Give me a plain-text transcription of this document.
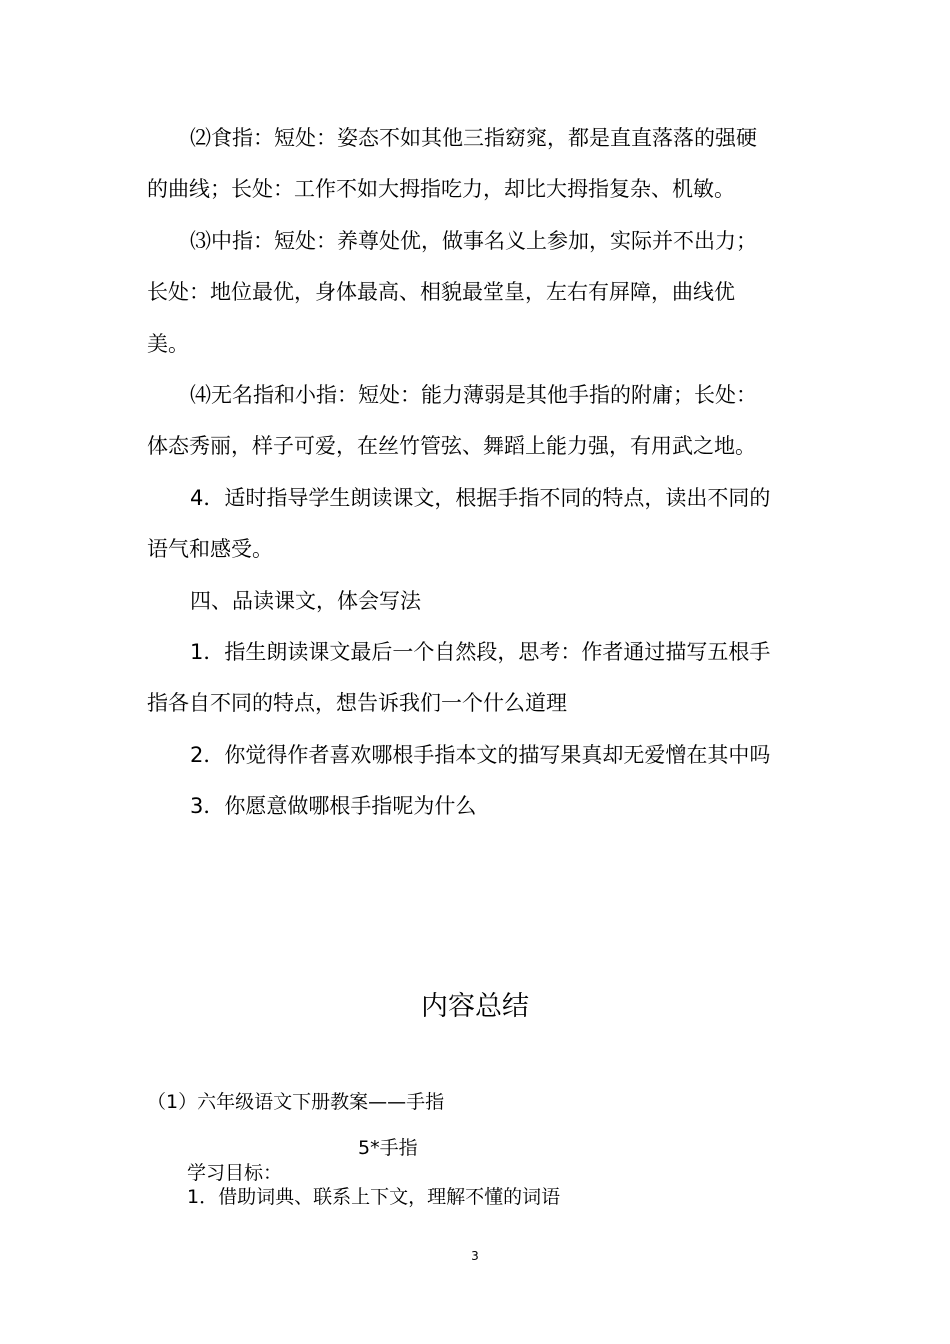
⑵食指：短处：姿态不如其他三指窈窕，都是直直落落的强硬
的曲线；长处：工作不如大拇指吃力，却比大拇指复杂、机敏。
⑶中指：短处：养尊处优，做事名义上参加，实际并不出力；
长处：地位最优，身体最高、相貌最堂皇，左右有屏障，曲线优
美。
⑷无名指和小指：短处：能力薄弱是其他手指的附庸；长处：
体态秀丽，样子可爱，在丝竹管弦、舞蹈上能力强，有用武之地。
4．适时指导学生朗读课文，根据手指不同的特点，读出不同的
语气和感受。
四、品读课文，体会写法
1．指生朗读课文最后一个自然段，思考：作者通过描写五根手
指各自不同的特点，想告诉我们一个什么道理
2．你觉得作者喜欢哪根手指本文的描写果真却无爱憎在其中吗
3．你愿意做哪根手指呢为什么
内容总结
（1）六年级语文下册教案——手指
5*手指
学习目标：
1．借助词典、联系上下文，理解不懂的词语
3
